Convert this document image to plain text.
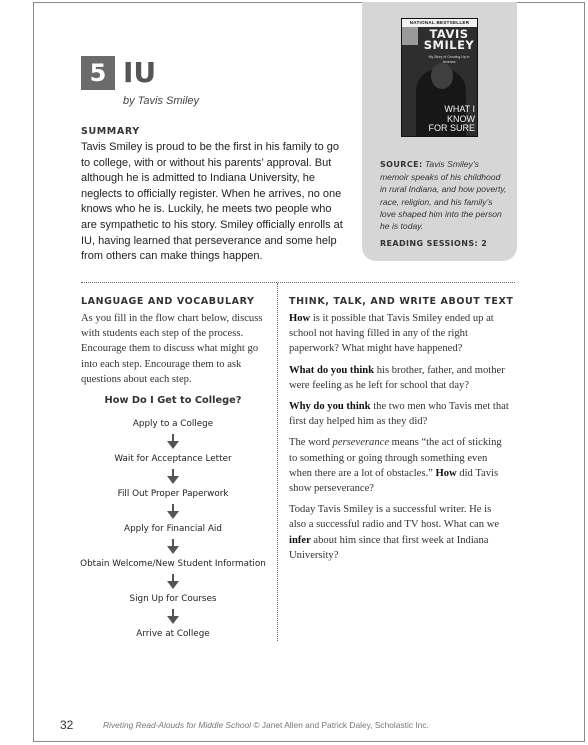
5 IU
by Tavis Smiley
SUMMARY
Tavis Smiley is proud to be the first in his family to go to college, with or without his parents’ approval. But although he is admitted to Indiana University, he neglects to officially register. When he arrives, no one knows who he is. Luckily, he meets two people who are sympathetic to his story. Smiley officially enrolls at IU, having learned that perseverance and some help from others can make things happen.
NATIONAL BESTSELLER
TAVIS
SMILEY
My Story of Growing Up in America
WHAT I
KNOW
FOR SURE
SOURCE: Tavis Smiley’s memoir speaks of his childhood in rural Indiana, and how poverty, race, religion, and his family’s love shaped him into the person he is today.
READING SESSIONS: 2
LANGUAGE AND VOCABULARY
As you fill in the flow chart below, discuss with students each step of the process. Encourage them to discuss what might go into each step. Encourage them to ask questions about each step.
How Do I Get to College?
Apply to a College
Wait for Acceptance Letter
Fill Out Proper Paperwork
Apply for Financial Aid
Obtain Welcome/New Student Information
Sign Up for Courses
Arrive at College
THINK, TALK, AND WRITE ABOUT TEXT

How is it possible that Tavis Smiley ended up at school not having filled in any of the right paperwork? What might have happened?

What do you think his brother, father, and mother were feeling as he left for school that day?

Why do you think the two men who Tavis met that first day helped him as they did?

The word perseverance means “the act of sticking to something or going through something even when there are a lot of obstacles.” How did Tavis show perseverance?

Today Tavis Smiley is a successful writer. He is also a successful radio and TV host. What can we infer about him since that first week at Indiana University?

32	Riveting Read-Alouds for Middle School © Janet Allen and Patrick Daley, Scholastic Inc.
